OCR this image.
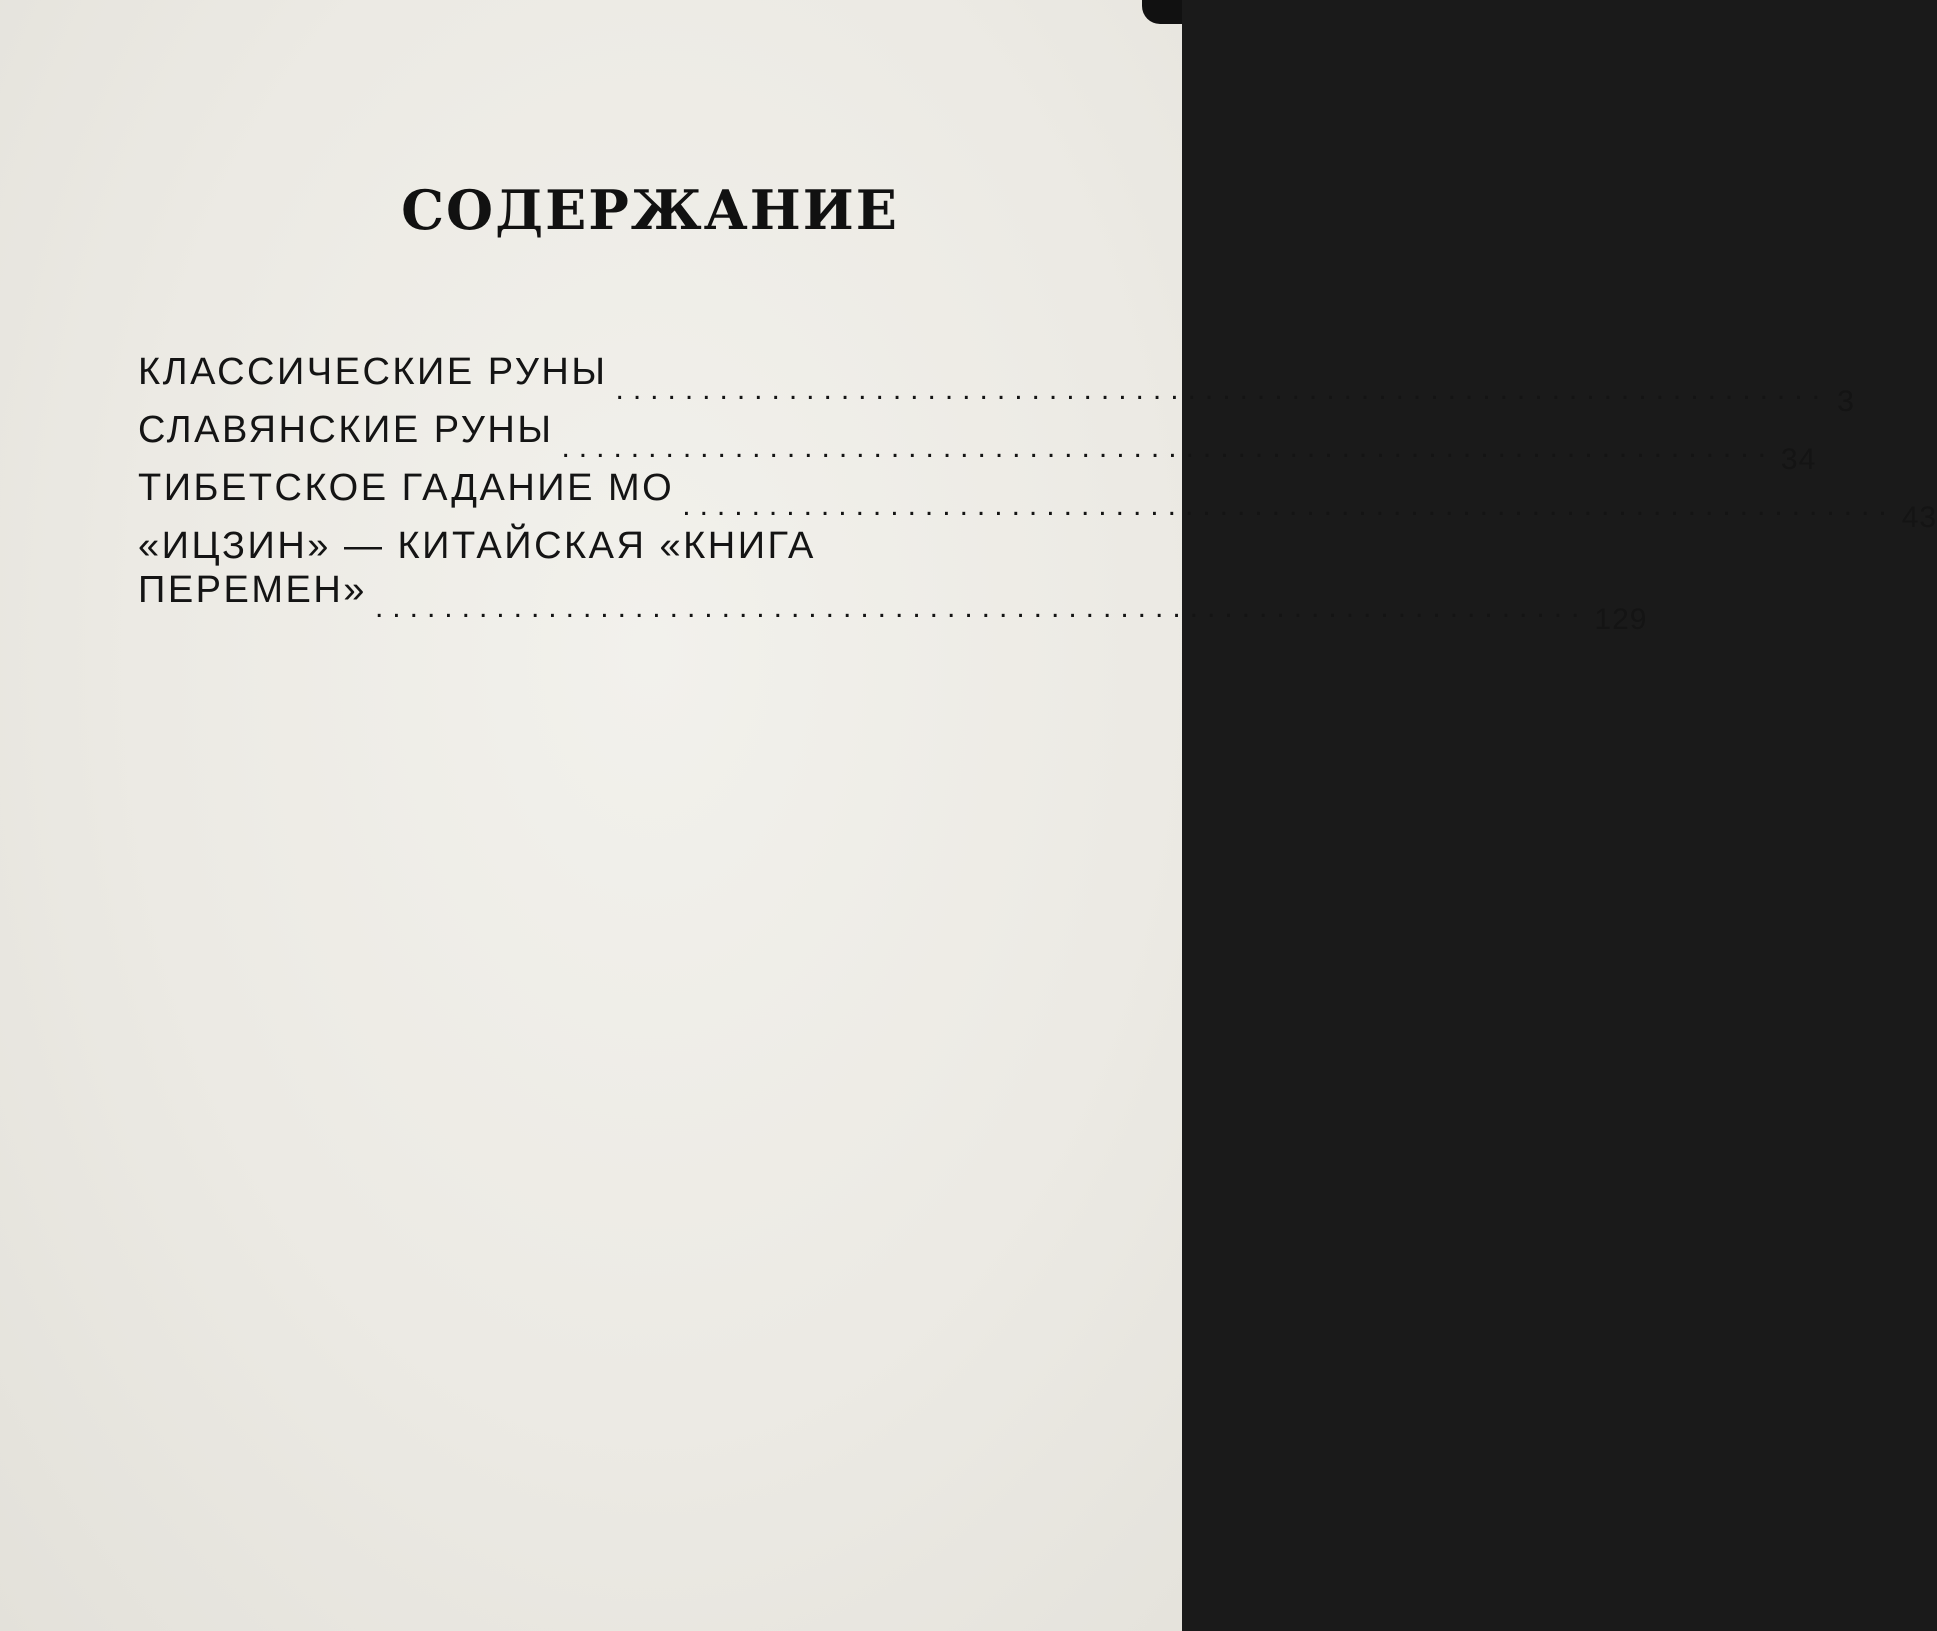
СОДЕРЖАНИЕ
КЛАССИЧЕСКИЕ РУНЫ ...................................................................... 3
СЛАВЯНСКИЕ РУНЫ ...................................................................... 34
ТИБЕТСКОЕ ГАДАНИЕ МО ...................................................................... 43
«ИЦЗИН» — КИТАЙСКАЯ «КНИГА
ПЕРЕМЕН» ...................................................................... 129
